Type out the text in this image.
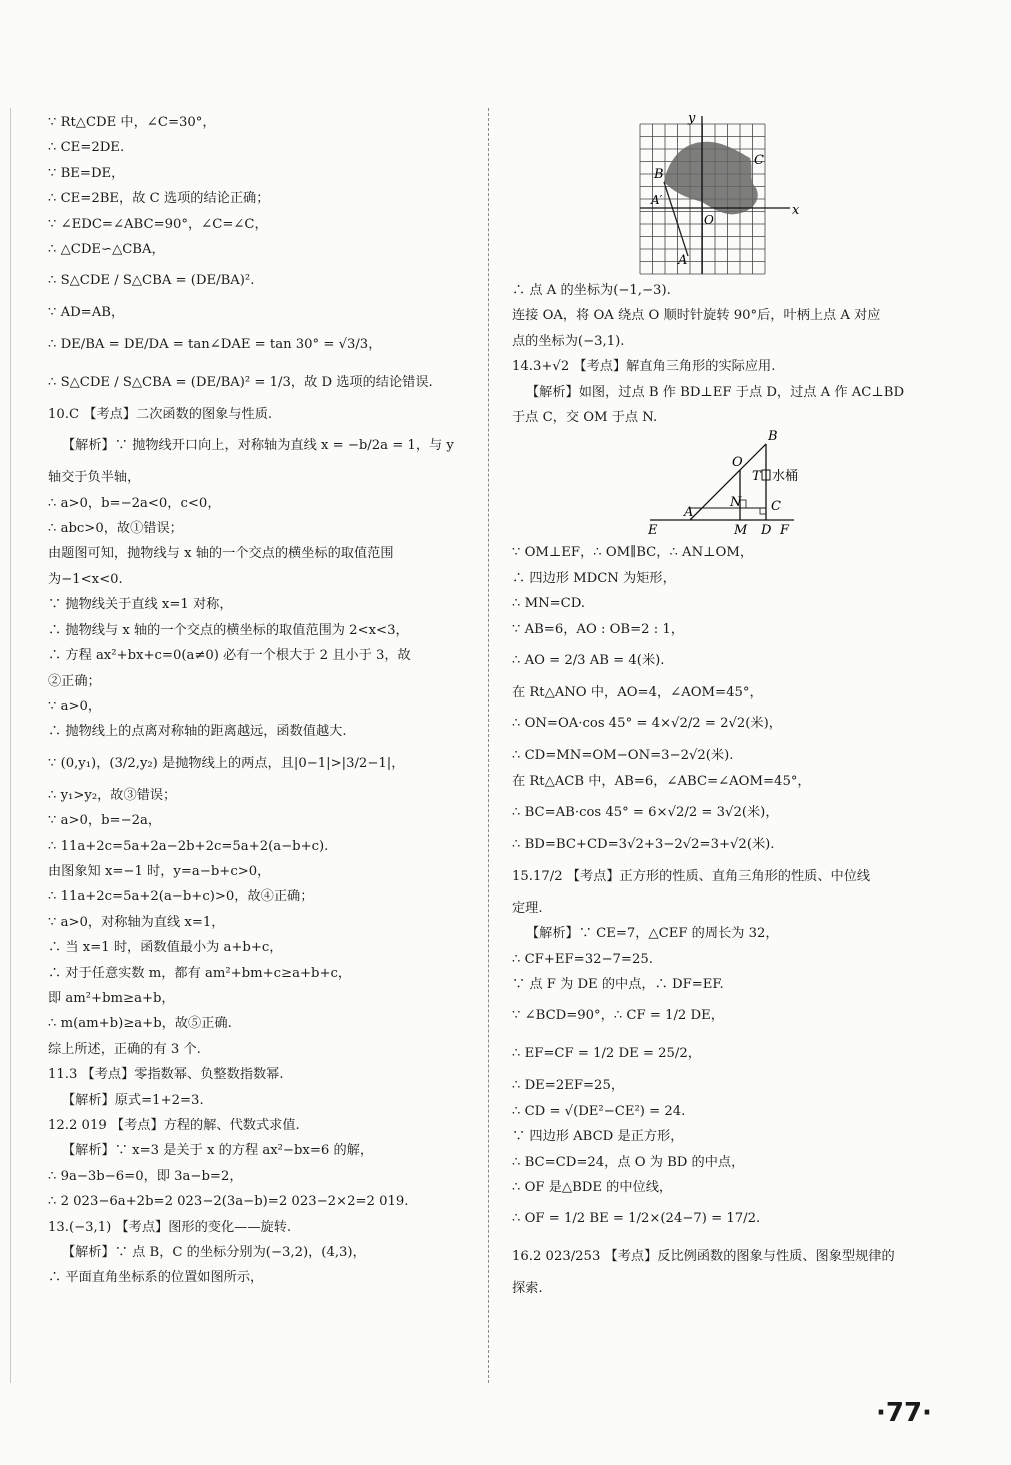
∵ Rt△CDE 中，∠C=30°，
∴ CE=2DE.
∵ BE=DE，
∴ CE=2BE，故 C 选项的结论正确；
∵ ∠EDC=∠ABC=90°，∠C=∠C，
∴ △CDE∽△CBA，
∴ S△CDE / S△CBA = (DE/BA)².
∵ AD=AB，
∴ DE/BA = DE/DA = tan∠DAE = tan 30° = √3/3，
∴ S△CDE / S△CBA = (DE/BA)² = 1/3，故 D 选项的结论错误.
10.C 【考点】二次函数的图象与性质.
【解析】∵ 抛物线开口向上，对称轴为直线 x = −b/2a = 1，与 y
轴交于负半轴，
∴ a>0，b=−2a<0，c<0，
∴ abc>0，故①错误；
由题图可知，抛物线与 x 轴的一个交点的横坐标的取值范围
为−1<x<0.
∵ 抛物线关于直线 x=1 对称，
∴ 抛物线与 x 轴的一个交点的横坐标的取值范围为 2<x<3，
∴ 方程 ax²+bx+c=0(a≠0) 必有一个根大于 2 且小于 3，故
②正确；
∵ a>0，
∴ 抛物线上的点离对称轴的距离越远，函数值越大.
∵ (0,y₁)，(3/2,y₂) 是抛物线上的两点，且|0−1|>|3/2−1|，
∴ y₁>y₂，故③错误；
∵ a>0，b=−2a，
∴ 11a+2c=5a+2a−2b+2c=5a+2(a−b+c).
由图象知 x=−1 时，y=a−b+c>0，
∴ 11a+2c=5a+2(a−b+c)>0，故④正确；
∵ a>0，对称轴为直线 x=1，
∴ 当 x=1 时，函数值最小为 a+b+c，
∴ 对于任意实数 m，都有 am²+bm+c≥a+b+c，
即 am²+bm≥a+b，
∴ m(am+b)≥a+b，故⑤正确.
综上所述，正确的有 3 个.
11.3 【考点】零指数幂、负整数指数幂.
【解析】原式=1+2=3.
12.2 019 【考点】方程的解、代数式求值.
【解析】∵ x=3 是关于 x 的方程 ax²−bx=6 的解，
∴ 9a−3b−6=0，即 3a−b=2，
∴ 2 023−6a+2b=2 023−2(3a−b)=2 023−2×2=2 019.
13.(−3,1) 【考点】图形的变化——旋转.
【解析】∵ 点 B，C 的坐标分别为(−3,2)，(4,3)，
∴ 平面直角坐标系的位置如图所示，
y
x
B
C
A′
O
A
∴ 点 A 的坐标为(−1,−3).
连接 OA，将 OA 绕点 O 顺时针旋转 90°后，叶柄上点 A 对应
点的坐标为(−3,1).
14.3+√2 【考点】解直角三角形的实际应用.
【解析】如图，过点 B 作 BD⊥EF 于点 D，过点 A 作 AC⊥BD
于点 C，交 OM 于点 N.
B
O
T 水桶
N C
A
E	M D F
∵ OM⊥EF，∴ OM∥BC，∴ AN⊥OM，
∴ 四边形 MDCN 为矩形，
∴ MN=CD.
∵ AB=6，AO : OB=2 : 1，
∴ AO = 2/3 AB = 4(米).
在 Rt△ANO 中，AO=4，∠AOM=45°，
∴ ON=OA·cos 45° = 4×√2/2 = 2√2(米)，
∴ CD=MN=OM−ON=3−2√2(米).
在 Rt△ACB 中，AB=6，∠ABC=∠AOM=45°，
∴ BC=AB·cos 45° = 6×√2/2 = 3√2(米)，
∴ BD=BC+CD=3√2+3−2√2=3+√2(米).
15.17/2 【考点】正方形的性质、直角三角形的性质、中位线
定理.
【解析】∵ CE=7，△CEF 的周长为 32，
∴ CF+EF=32−7=25.
∵ 点 F 为 DE 的中点，∴ DF=EF.
∵ ∠BCD=90°，∴ CF = 1/2 DE，
∴ EF=CF = 1/2 DE = 25/2，
∴ DE=2EF=25，
∴ CD = √(DE²−CE²) = 24.
∵ 四边形 ABCD 是正方形，
∴ BC=CD=24，点 O 为 BD 的中点，
∴ OF 是△BDE 的中位线，
∴ OF = 1/2 BE = 1/2×(24−7) = 17/2.
16.2 023/253 【考点】反比例函数的图象与性质、图象型规律的
探索.
·77·
